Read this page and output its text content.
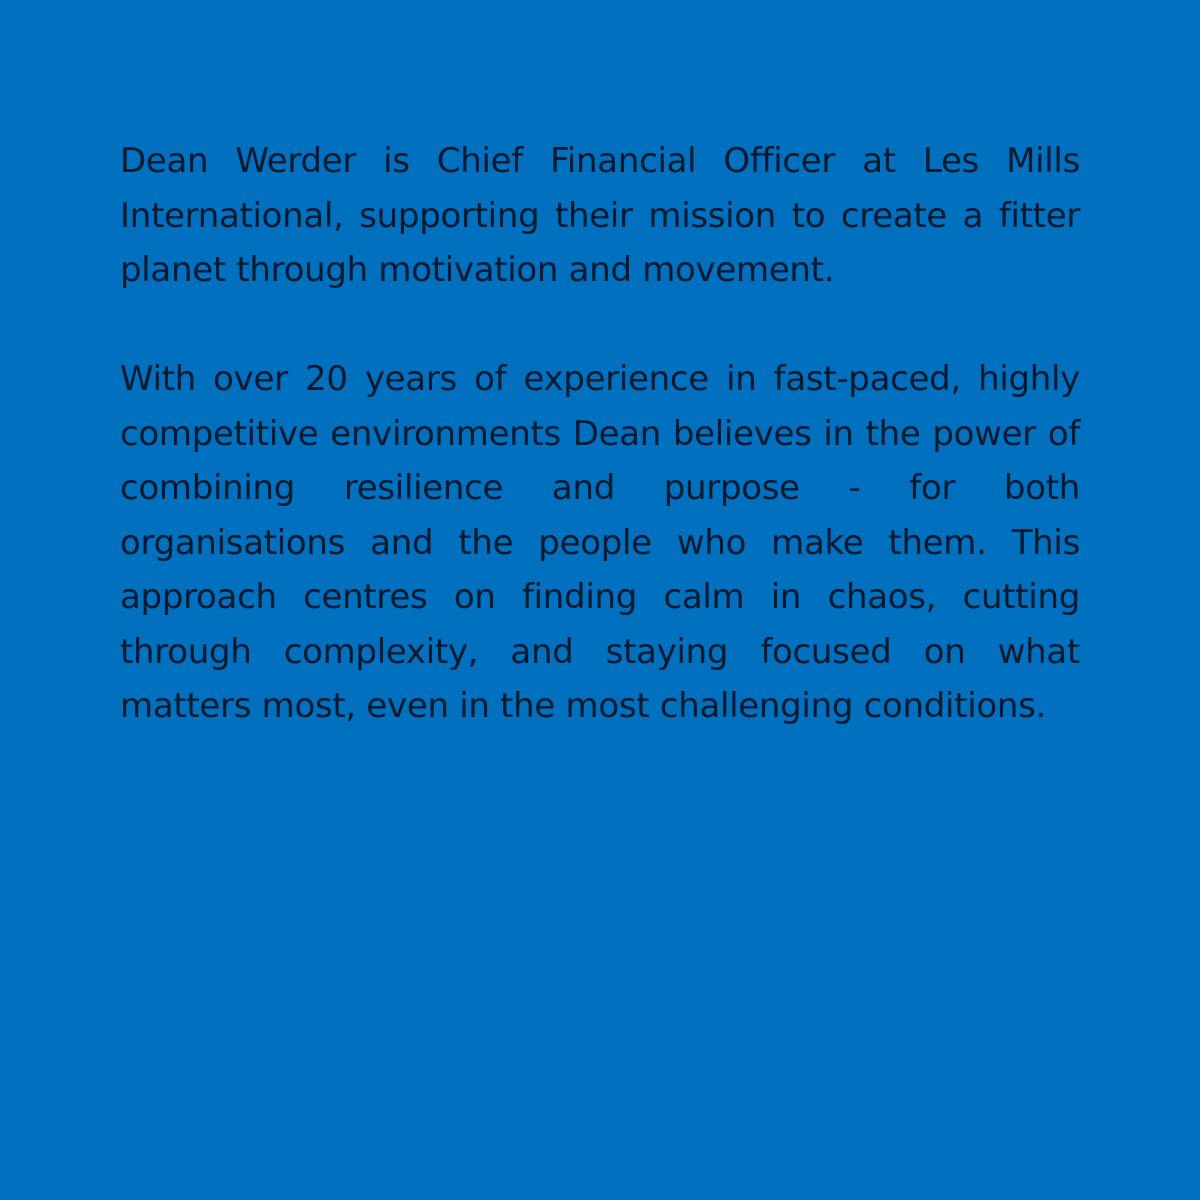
Dean Werder is Chief Financial Officer at Les Mills International, supporting their mission to create a fitter planet through motivation and movement.

With over 20 years of experience in fast-paced, highly competitive environments Dean believes in the power of combining resilience and purpose - for both organisations and the people who make them. This approach centres on finding calm in chaos, cutting through complexity, and staying focused on what matters most, even in the most challenging conditions.
